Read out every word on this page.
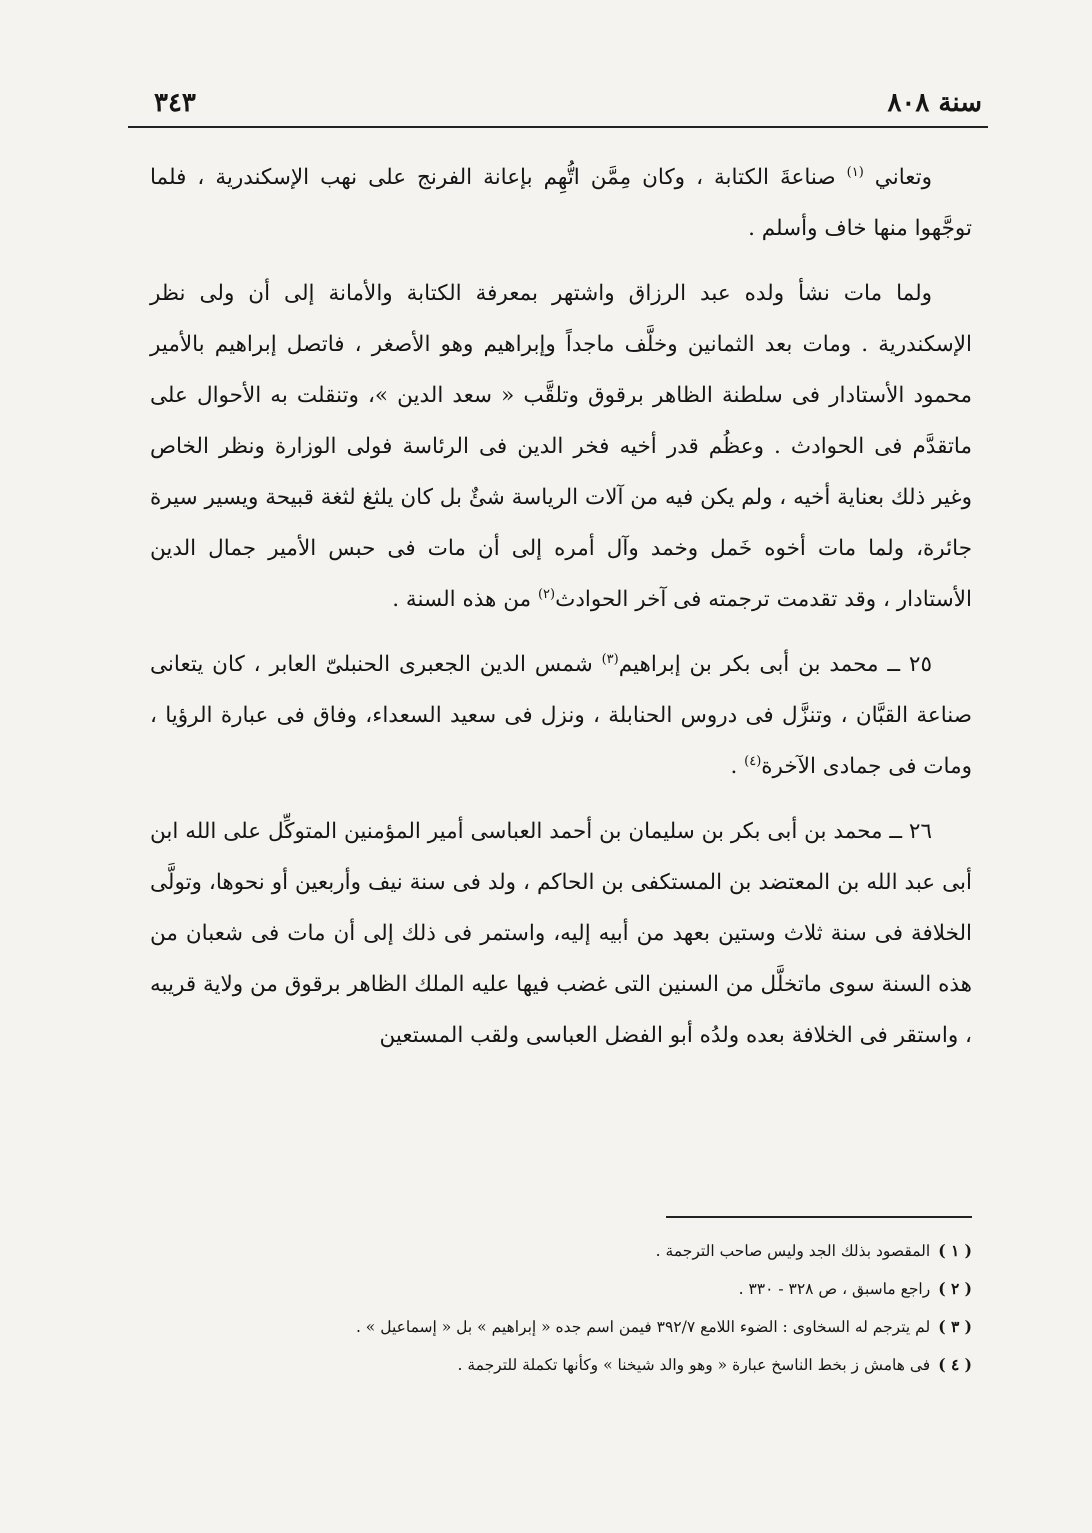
سنة ٨٠٨
٣٤٣

وتعاني $^{(١)}$ صناعةَ الكتابة ، وكان مِمَّن اتُّهِم بإعانة الفرنج على نهب الإسكندرية ، فلما توجَّهوا منها خاف وأسلم .

ولما مات نشأ ولده عبد الرزاق واشتهر بمعرفة الكتابة والأمانة إلى أن ولى نظر الإسكندرية . ومات بعد الثمانين وخلَّف ماجداً وإبراهيم وهو الأصغر ، فاتصل إبراهيم بالأمير محمود الأستادار فى سلطنة الظاهر برقوق وتلقَّب « سعد الدين »، وتنقلت به الأحوال على ماتقدَّم فى الحوادث . وعظُم قدر أخيه فخر الدين فى الرئاسة فولى الوزارة ونظر الخاص وغير ذلك بعناية أخيه ، ولم يكن فيه من آلات الرياسة شئٌ بل كان يلثغ لثغة قبيحة ويسير سيرة جائرة، ولما مات أخوه خَمل وخمد وآل أمره إلى أن مات فى حبس الأمير جمال الدين الأستادار ، وقد تقدمت ترجمته فى آخر الحوادث$^{(٢)}$ من هذه السنة .

٢٥ ــ محمد بن أبى بكر بن إبراهيم$^{(٣)}$ شمس الدين الجعبرى الحنبلىّ العابر ، كان يتعانى صناعة القبَّان ، وتنزَّل فى دروس الحنابلة ، ونزل فى سعيد السعداء، وفاق فى عبارة الرؤيا ، ومات فى جمادى الآخرة$^{(٤)}$ .

٢٦ ــ محمد بن أبى بكر بن سليمان بن أحمد العباسى أمير المؤمنين المتوكِّل على الله ابن أبى عبد الله بن المعتضد بن المستكفى بن الحاكم ، ولد فى سنة نيف وأربعين أو نحوها، وتولَّى الخلافة فى سنة ثلاث وستين بعهد من أبيه إليه، واستمر فى ذلك إلى أن مات فى شعبان من هذه السنة سوى ماتخلَّل من السنين التى غضب فيها عليه الملك الظاهر برقوق من ولاية قريبه ، واستقر فى الخلافة بعده ولدُه أبو الفضل العباسى ولقب المستعين

( ١ )المقصود بذلك الجد وليس صاحب الترجمة .

( ٢ )راجع ماسبق ، ص ٣٢٨ - ٣٣٠ .

( ٣ )لم يترجم له السخاوى : الضوء اللامع ٣٩٢/٧ فيمن اسم جده « إبراهيم » بل « إسماعيل » .

( ٤ )فى هامش ز بخط الناسخ عبارة « وهو والد شيخنا » وكأنها تكملة للترجمة .
